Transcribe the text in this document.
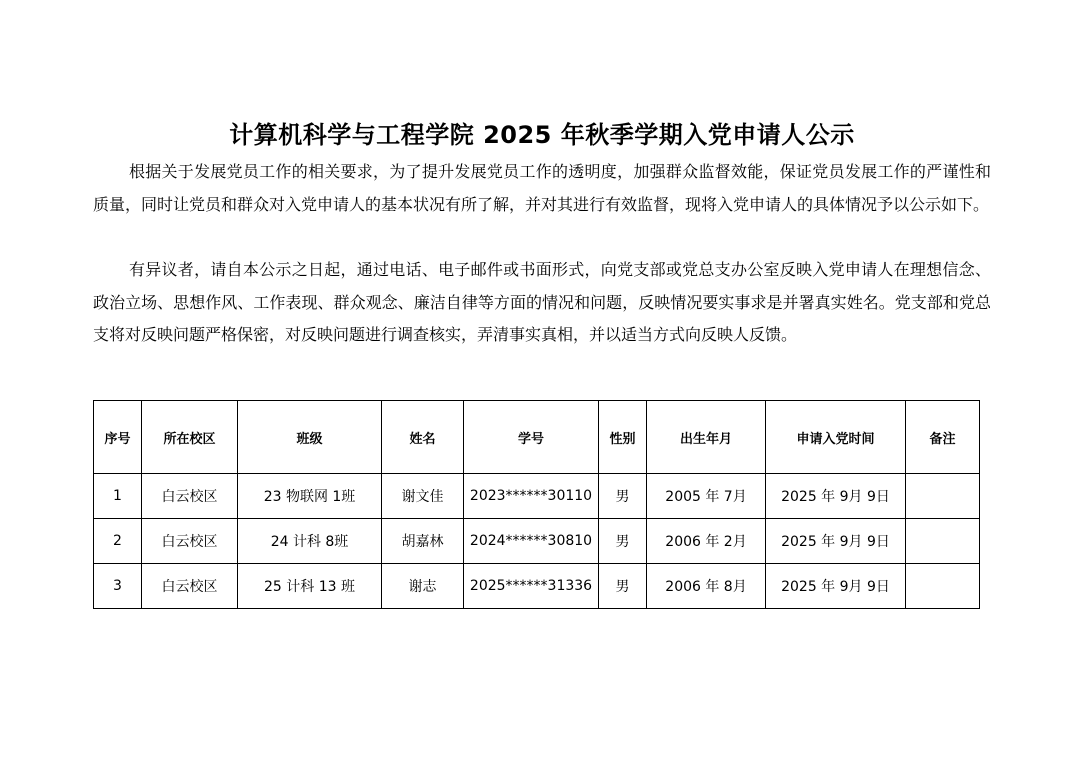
计算机科学与工程学院 2025 年秋季学期入党申请人公示

根据关于发展党员工作的相关要求，为了提升发展党员工作的透明度，加强群众监督效能，保证党员发展工作的严谨性和质量，同时让党员和群众对入党申请人的基本状况有所了解，并对其进行有效监督，现将入党申请人的具体情况予以公示如下。

有异议者，请自本公示之日起，通过电话、电子邮件或书面形式，向党支部或党总支办公室反映入党申请人在理想信念、政治立场、思想作风、工作表现、群众观念、廉洁自律等方面的情况和问题，反映情况要实事求是并署真实姓名。党支部和党总支将对反映问题严格保密，对反映问题进行调查核实，弄清事实真相，并以适当方式向反映人反馈。

序号	所在校区	班级	姓名	学号	性别	出生年月	申请入党时间	备注
1	白云校区	23 物联网 1班	谢文佳	2023******30110	男	2005 年 7月	2025 年 9月 9日	
2	白云校区	24 计科 8班	胡嘉林	2024******30810	男	2006 年 2月	2025 年 9月 9日	
3	白云校区	25 计科 13 班	谢志	2025******31336	男	2006 年 8月	2025 年 9月 9日	
